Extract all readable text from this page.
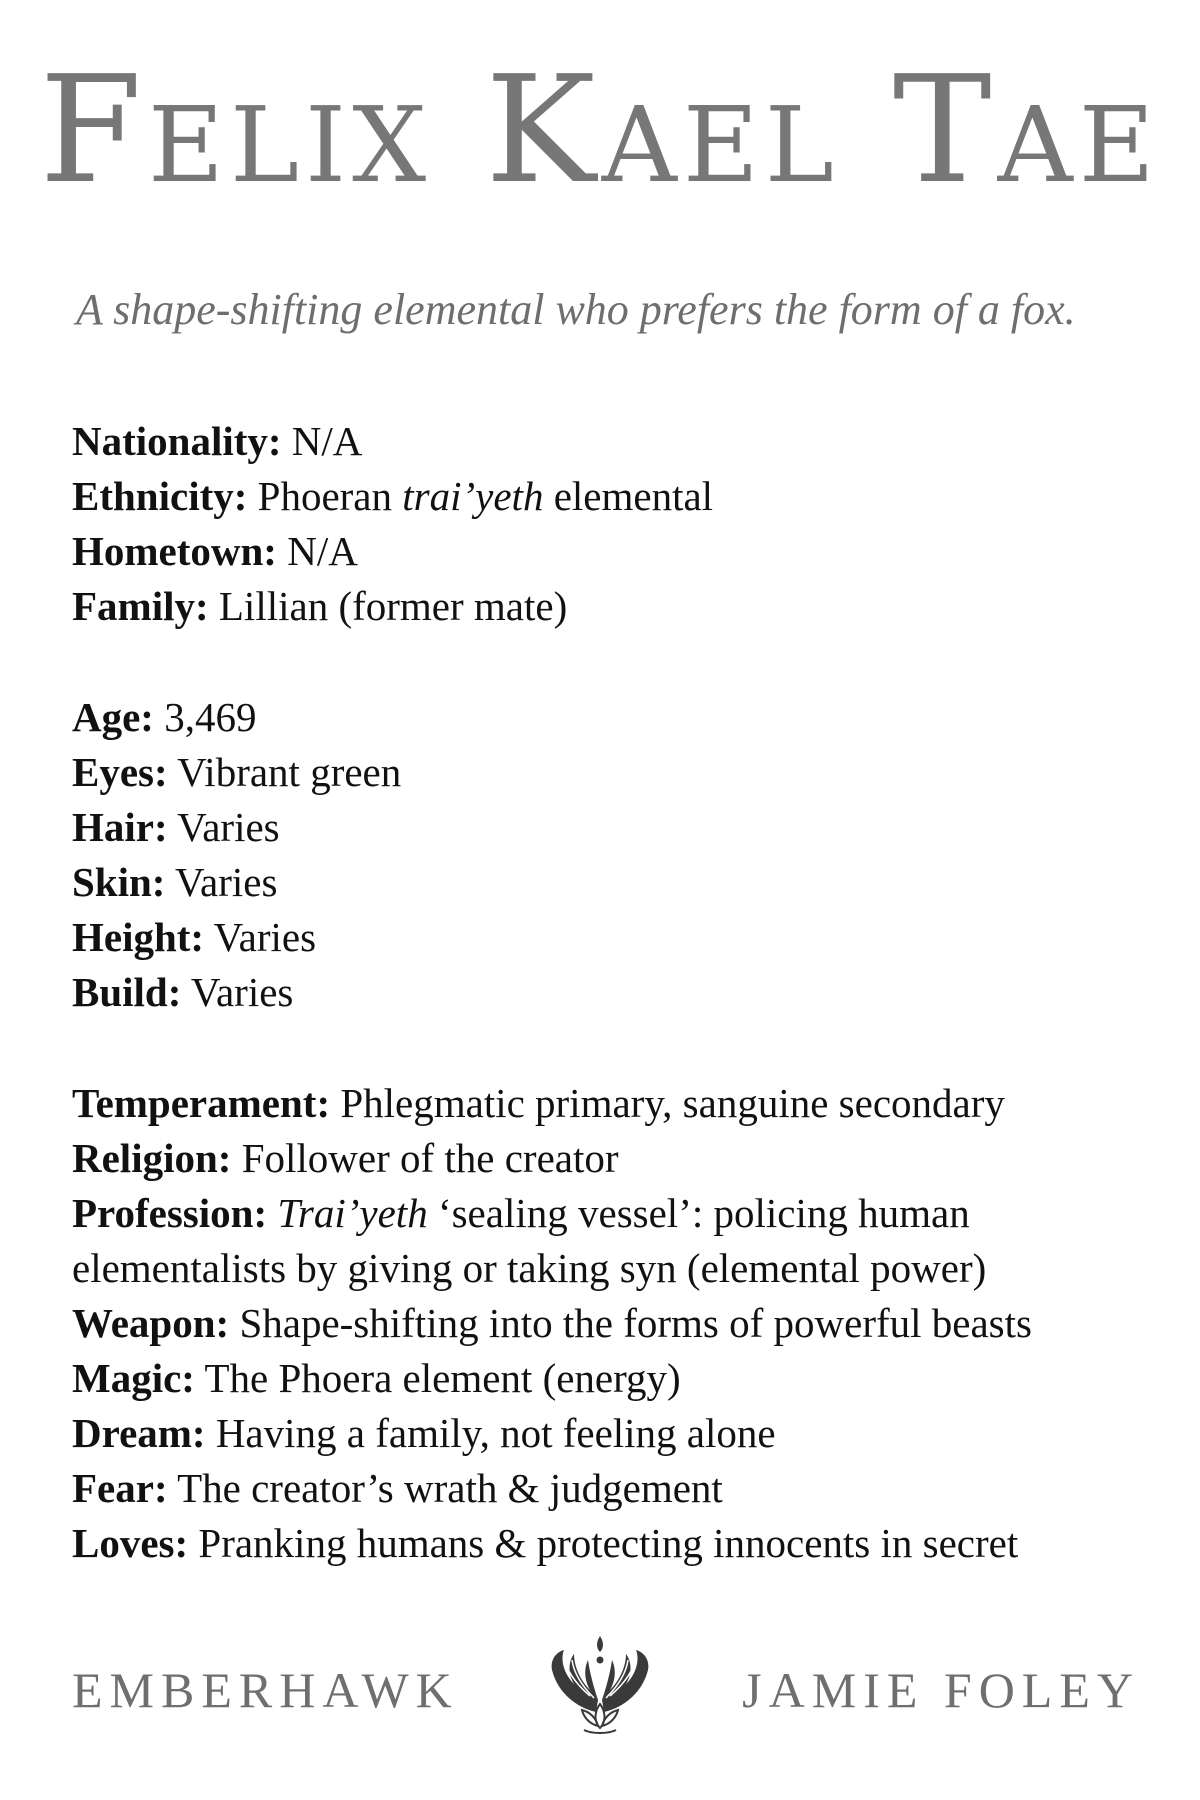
Felix Kael Tae
A shape-shifting elemental who prefers the form of a fox.
Nationality: N/A
Ethnicity: Phoeran trai’yeth elemental
Hometown: N/A
Family: Lillian (former mate)
Age: 3,469
Eyes: Vibrant green
Hair: Varies
Skin: Varies
Height: Varies
Build: Varies
Temperament: Phlegmatic primary, sanguine secondary
Religion: Follower of the creator
Profession: Trai’yeth ‘sealing vessel’: policing human elementalists by giving or taking syn (elemental power)
Weapon: Shape-shifting into the forms of powerful beasts
Magic: The Phoera element (energy)
Dream: Having a family, not feeling alone
Fear: The creator’s wrath & judgement
Loves: Pranking humans & protecting innocents in secret
EMBERHAWK	JAMIE FOLEY
